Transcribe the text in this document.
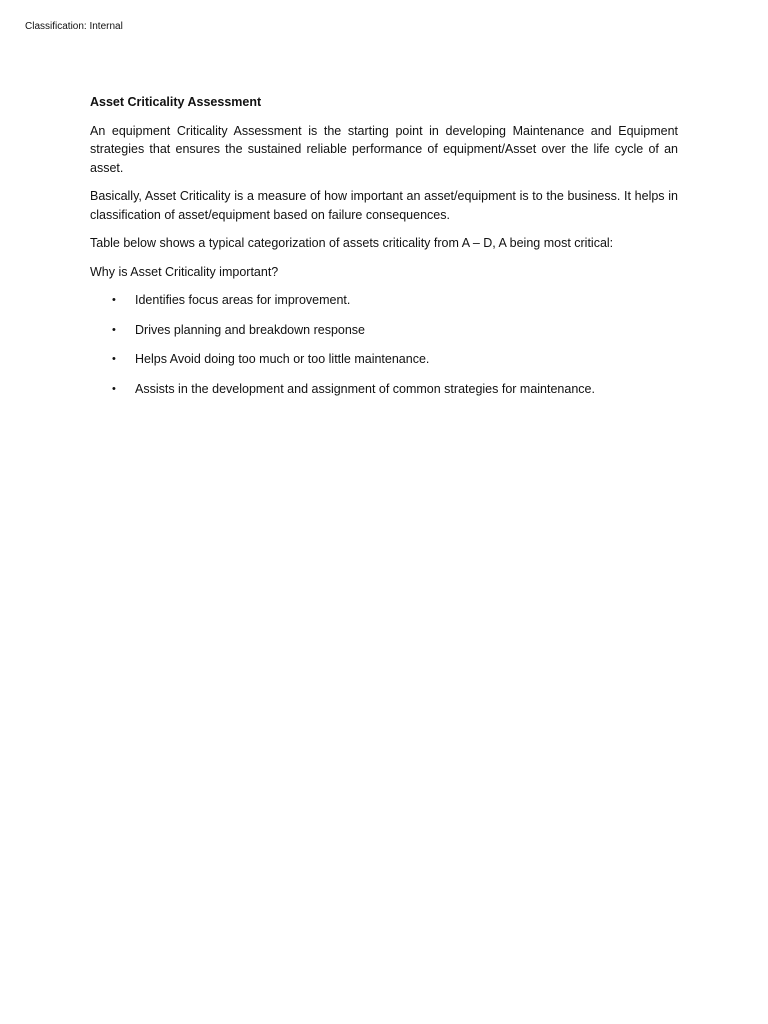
Classification: Internal
Asset Criticality Assessment

An equipment Criticality Assessment is the starting point in developing Maintenance and Equipment strategies that ensures the sustained reliable performance of equipment/Asset over the life cycle of an asset.

Basically, Asset Criticality is a measure of how important an asset/equipment is to the business. It helps in classification of asset/equipment based on failure consequences.

Table below shows a typical categorization of assets criticality from A – D, A being most critical:

Why is Asset Criticality important?

• Identifies focus areas for improvement.
• Drives planning and breakdown response
• Helps Avoid doing too much or too little maintenance.
• Assists in the development and assignment of common strategies for maintenance.
